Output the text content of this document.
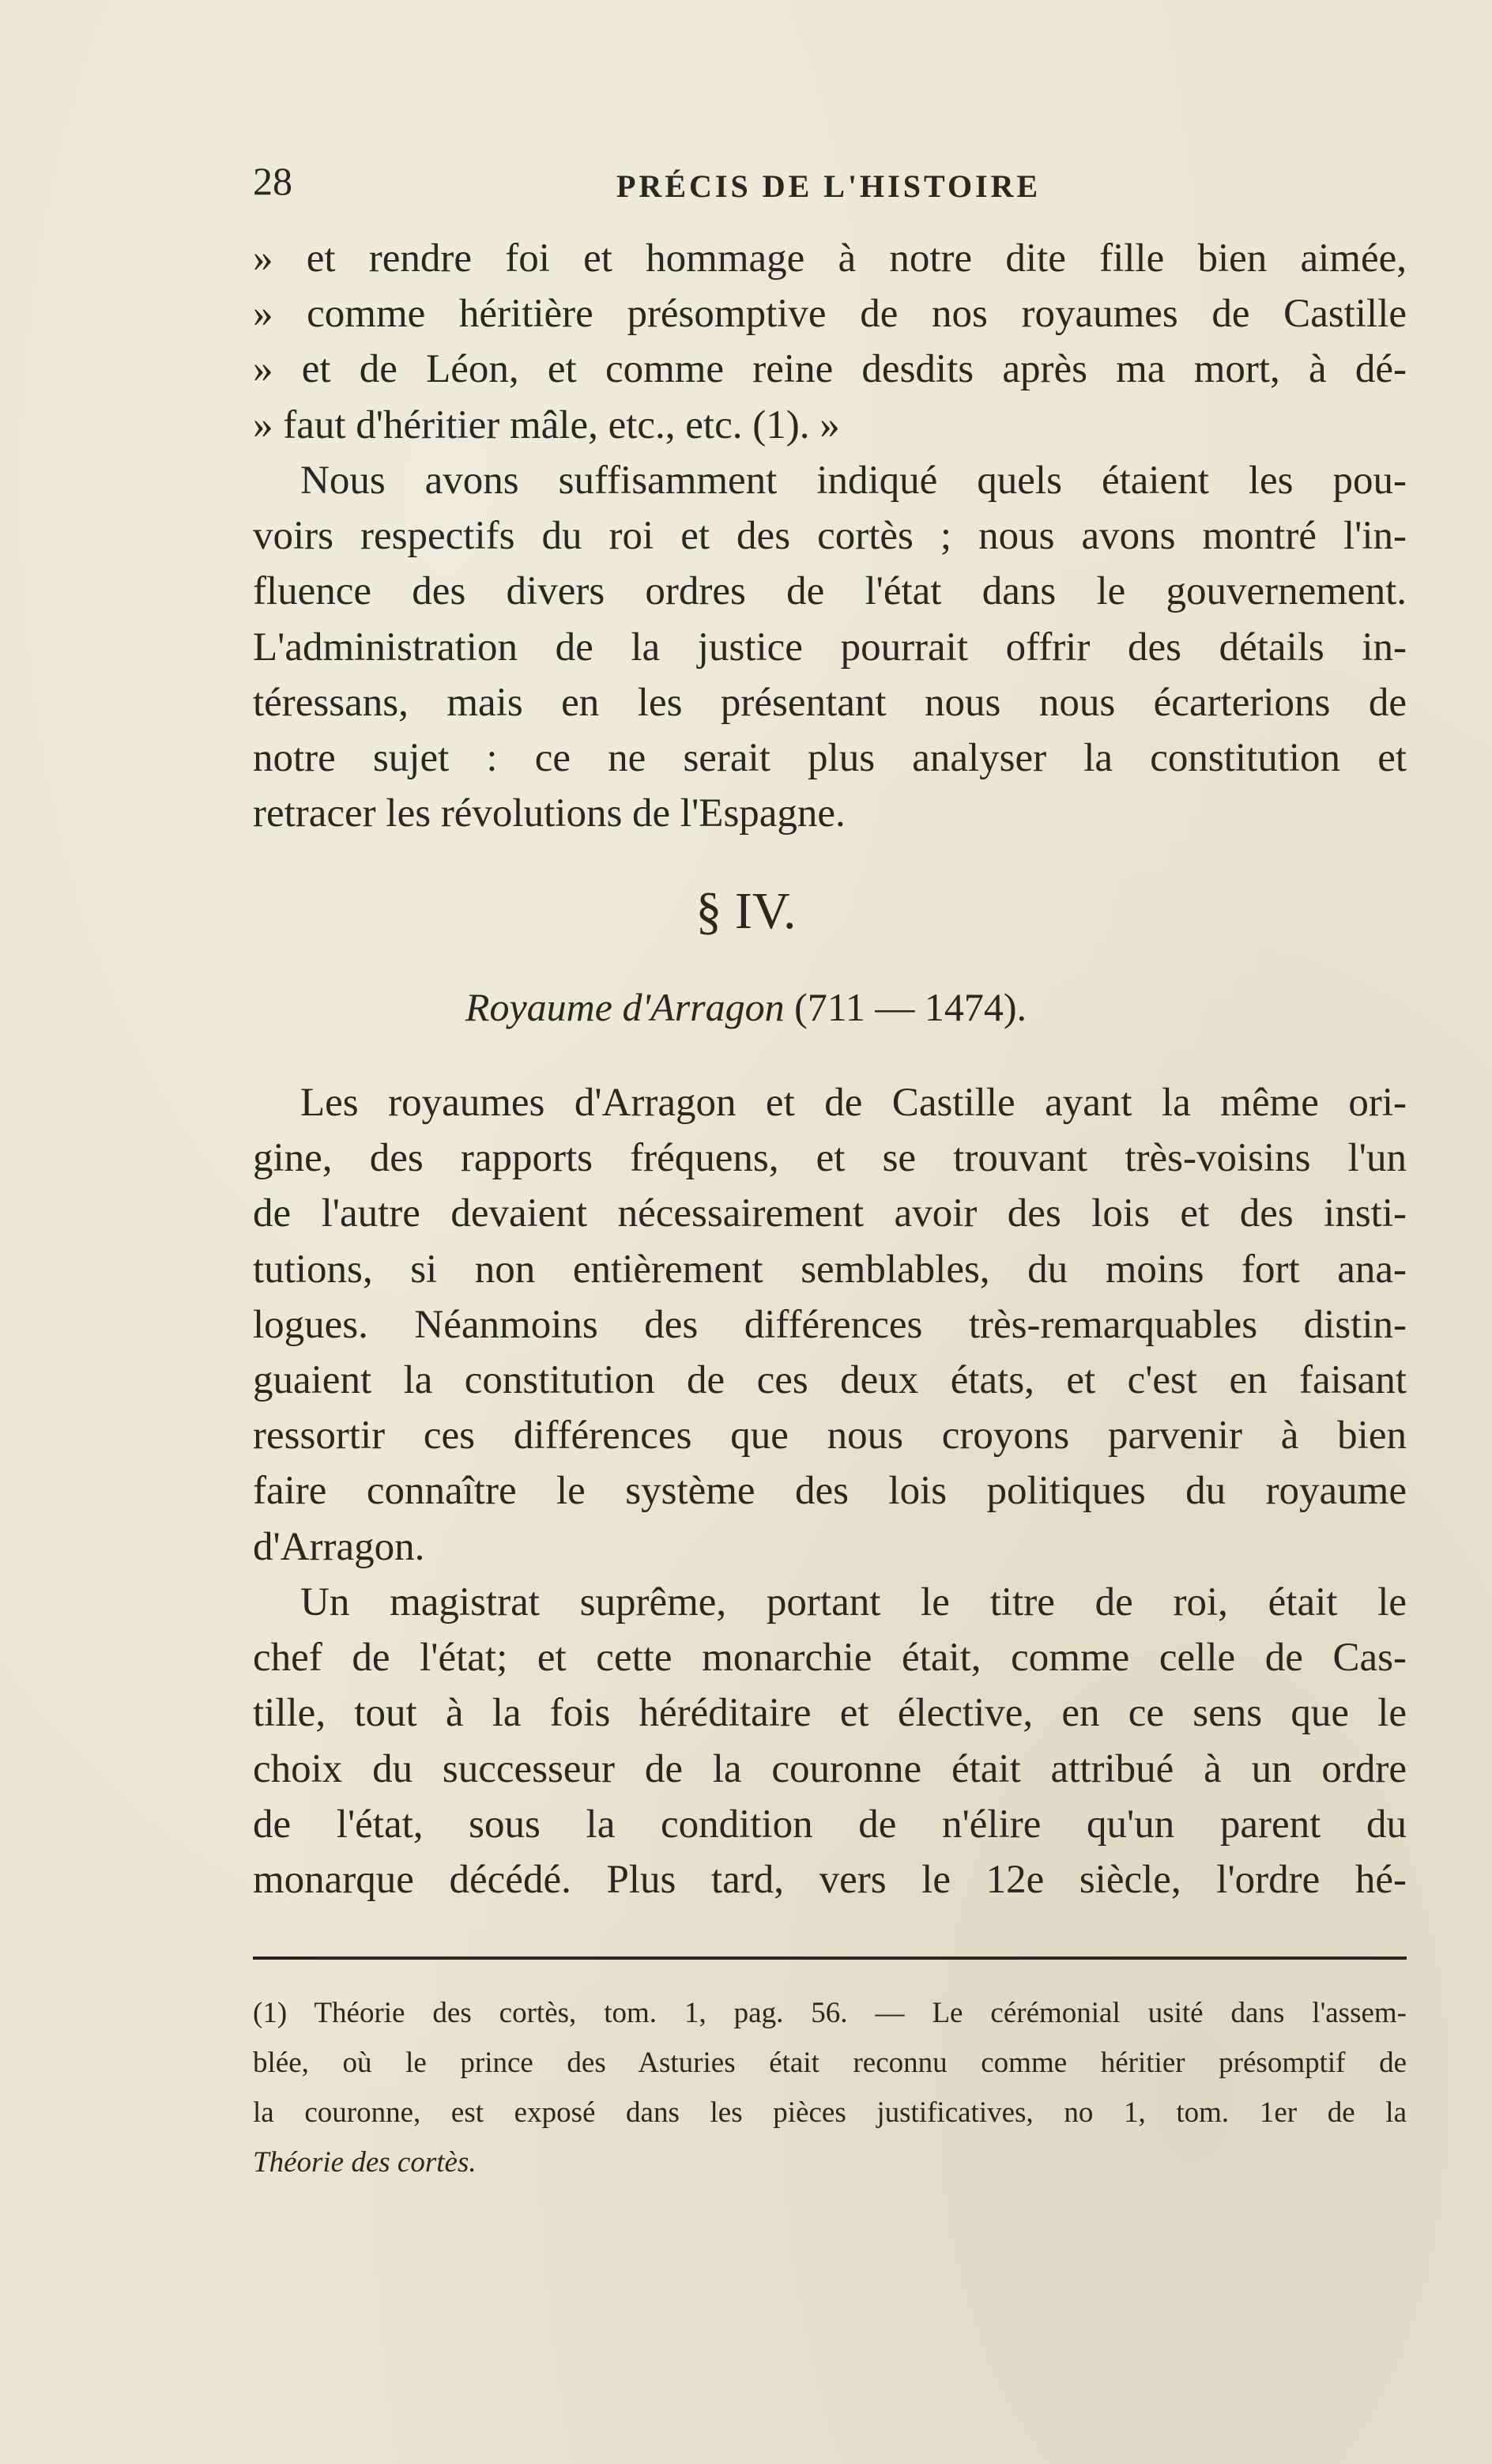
28	PRÉCIS DE L'HISTOIRE
» et rendre foi et hommage à notre dite fille bien aimée,
» comme héritière présomptive de nos royaumes de Castille
» et de Léon, et comme reine desdits après ma mort, à dé-
» faut d'héritier mâle, etc., etc. (1). »
Nous avons suffisamment indiqué quels étaient les pou-
voirs respectifs du roi et des cortès ; nous avons montré l'in-
fluence des divers ordres de l'état dans le gouvernement.
L'administration de la justice pourrait offrir des détails in-
téressans, mais en les présentant nous nous écarterions de
notre sujet : ce ne serait plus analyser la constitution et
retracer les révolutions de l'Espagne.
§ IV.
Royaume d'Arragon (711 — 1474).
Les royaumes d'Arragon et de Castille ayant la même ori-
gine, des rapports fréquens, et se trouvant très-voisins l'un
de l'autre devaient nécessairement avoir des lois et des insti-
tutions, si non entièrement semblables, du moins fort ana-
logues. Néanmoins des différences très-remarquables distin-
guaient la constitution de ces deux états, et c'est en faisant
ressortir ces différences que nous croyons parvenir à bien
faire connaître le système des lois politiques du royaume
d'Arragon.
Un magistrat suprême, portant le titre de roi, était le
chef de l'état; et cette monarchie était, comme celle de Cas-
tille, tout à la fois héréditaire et élective, en ce sens que le
choix du successeur de la couronne était attribué à un ordre
de l'état, sous la condition de n'élire qu'un parent du
monarque décédé. Plus tard, vers le 12e siècle, l'ordre hé-
(1) Théorie des cortès, tom. 1, pag. 56. — Le cérémonial usité dans l'assem-
blée, où le prince des Asturies était reconnu comme héritier présomptif de
la couronne, est exposé dans les pièces justificatives, no 1, tom. 1er de la
Théorie des cortès.
